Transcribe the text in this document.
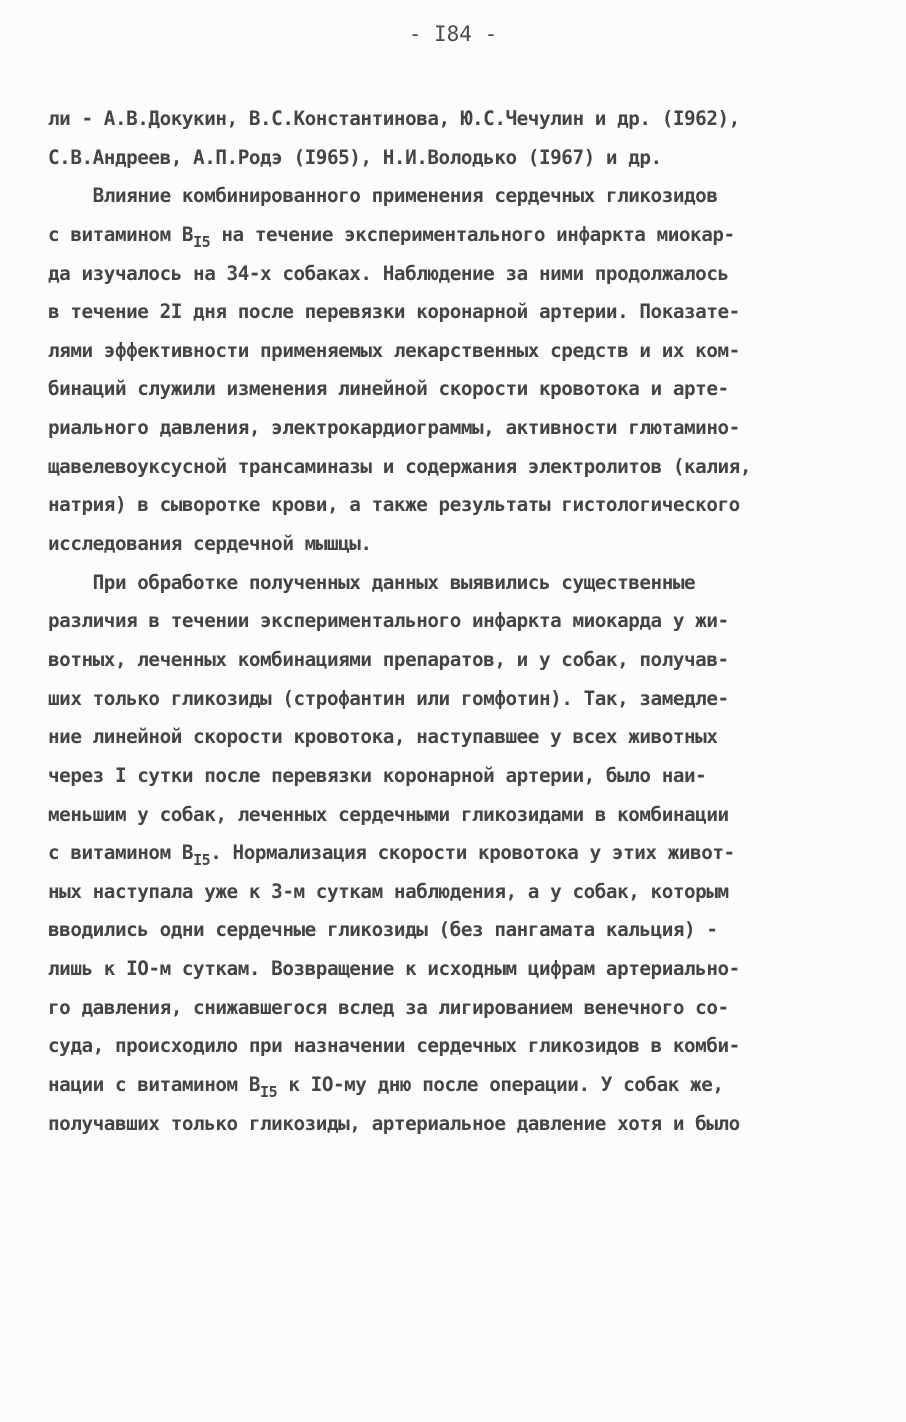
- I84 -
ли - А.В.Докукин, В.С.Константинова, Ю.С.Чечулин и др. (I962),
С.В.Андреев, А.П.Родэ (I965), Н.И.Володько (I967) и др.
Влияние комбинированного применения сердечных гликозидов
с витамином $В_{I5}$ на течение экспериментального инфаркта миокар-
да изучалось на 34-х собаках. Наблюдение за ними продолжалось
в течение 2I дня после перевязки коронарной артерии. Показате-
лями эффективности применяемых лекарственных средств и их ком-
бинаций служили изменения линейной скорости кровотока и арте-
риального давления, электрокардиограммы, активности глютамино-
щавелевоуксусной трансаминазы и содержания электролитов (калия,
натрия) в сыворотке крови, а также результаты гистологического
исследования сердечной мышцы.
При обработке полученных данных выявились существенные
различия в течении экспериментального инфаркта миокарда у жи-
вотных, леченных комбинациями препаратов, и у собак, получав-
ших только гликозиды (строфантин или гомфотин). Так, замедле-
ние линейной скорости кровотока, наступавшее у всех животных
через I сутки после перевязки коронарной артерии, было наи-
меньшим у собак, леченных сердечными гликозидами в комбинации
с витамином $В_{I5}$. Нормализация скорости кровотока у этих живот-
ных наступала уже к 3-м суткам наблюдения, а у собак, которым
вводились одни сердечные гликозиды (без пангамата кальция) -
лишь к IO-м суткам. Возвращение к исходным цифрам артериально-
го давления, снижавшегося вслед за лигированием венечного со-
суда, происходило при назначении сердечных гликозидов в комби-
нации с витамином $В_{I5}$ к IO-му дню после операции. У собак же,
получавших только гликозиды, артериальное давление хотя и было
